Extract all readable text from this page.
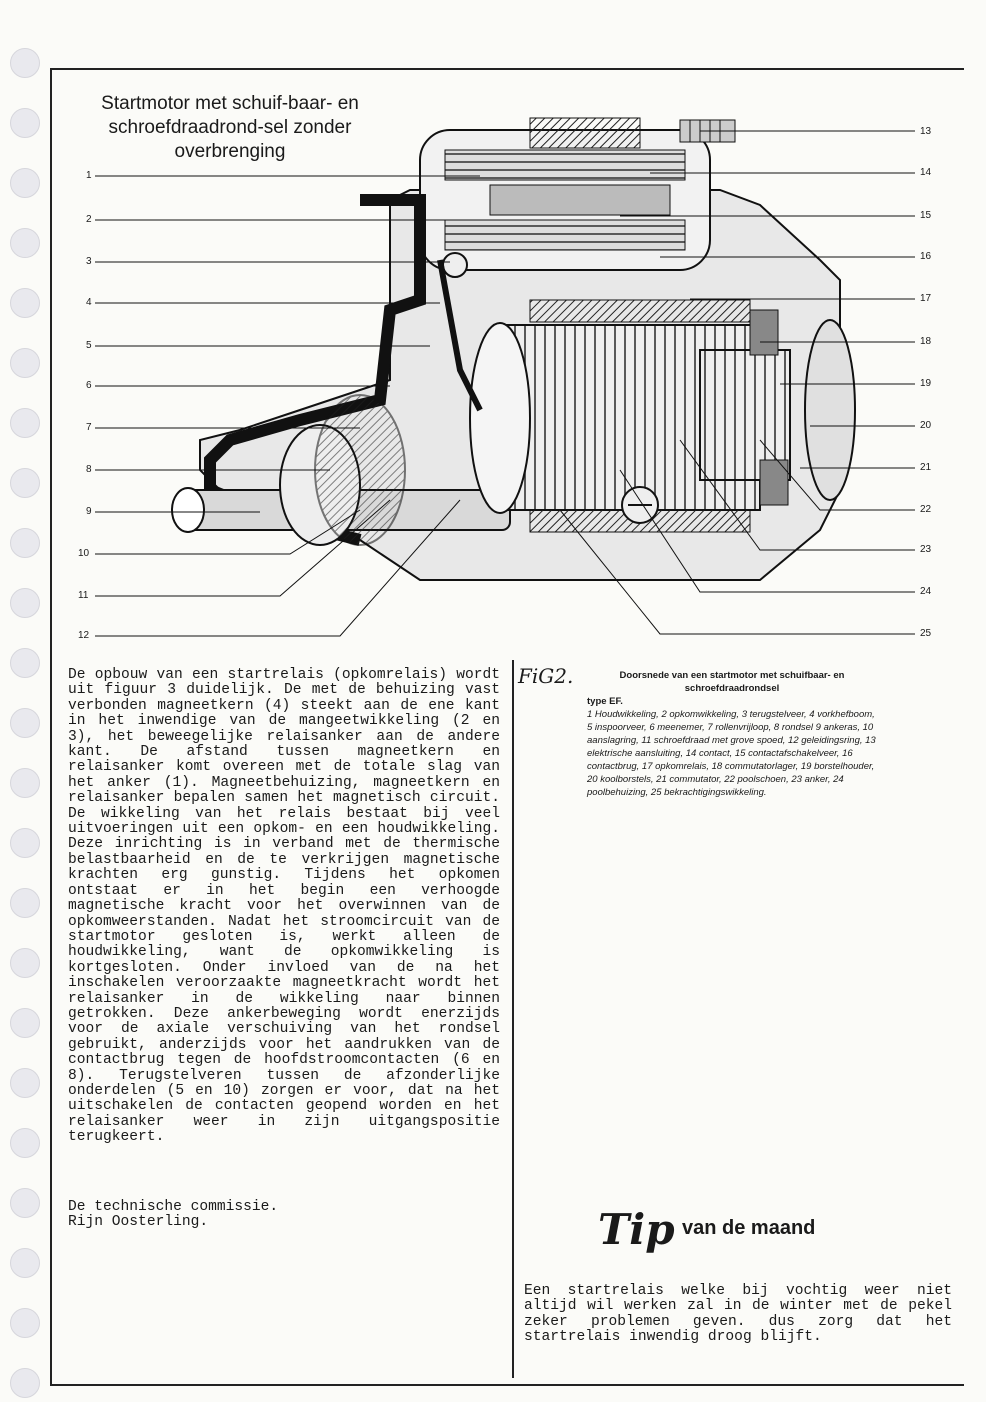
Startmotor met schuif-baar- en schroefdraadrond-sel zonder overbrenging
1
2
3
4
5
6
7
8
9
10
11
12
13
14
15
16
17
18
19
20
21
22
23
24
25
De opbouw van een startrelais (opkomrelais) wordt uit figuur 3 duidelijk. De met de behuizing vast verbonden magneetkern (4) steekt aan de ene kant in het inwendige van de mangeetwikkeling (2 en 3), het beweegelijke relaisanker aan de andere kant. De afstand tussen magneetkern en relaisanker komt overeen met de totale slag van het anker (1). Magneetbehuizing, magneetkern en relaisanker bepalen samen het magnetisch circuit. De wikkeling van het relais bestaat bij veel uitvoeringen uit een opkom- en een houdwikkeling. Deze inrichting is in verband met de thermische belastbaarheid en de te verkrijgen magnetische krachten erg gunstig. Tijdens het opkomen ontstaat er in het begin een verhoogde magnetische kracht voor het overwinnen van de opkomweerstanden. Nadat het stroomcircuit van de startmotor gesloten is, werkt alleen de houdwikkeling, want de opkomwikkeling is kortgesloten. Onder invloed van de na het inschakelen veroorzaakte magneetkracht wordt het relaisanker in de wikkeling naar binnen getrokken. Deze ankerbeweging wordt enerzijds voor de axiale verschuiving van het rondsel gebruikt, anderzijds voor het aandrukken van de contactbrug tegen de hoofdstroomcontacten (6 en 8). Terugstelveren tussen de afzonderlijke onderdelen (5 en 10) zorgen er voor, dat na het uitschakelen de contacten geopend worden en het relaisanker weer in zijn uitgangspositie terugkeert.
De technische commissie.
Rijn Oosterling.
FiG2.	Doorsnede van een startmotor met schuifbaar- en schroefdraadrondsel
type EF.
1 Houdwikkeling, 2 opkomwikkeling, 3 terugstelveer, 4 vorkhefboom, 5 inspoorveer, 6 meenemer, 7 rollenvrijloop, 8 rondsel 9 ankeras, 10 aanslagring, 11 schroefdraad met grove spoed, 12 geleidingsring, 13 elektrische aansluiting, 14 contact, 15 contactafschakelveer, 16 contactbrug, 17 opkomrelais, 18 commutatorlager, 19 borstelhouder, 20 koolborstels, 21 commutator, 22 poolschoen, 23 anker, 24 poolbehuizing, 25 bekrachtigingswikkeling.
Tip van de maand
Een startrelais welke bij vochtig weer niet altijd wil werken zal in de winter met de pekel zeker problemen geven. dus zorg dat het startrelais inwendig droog blijft.
